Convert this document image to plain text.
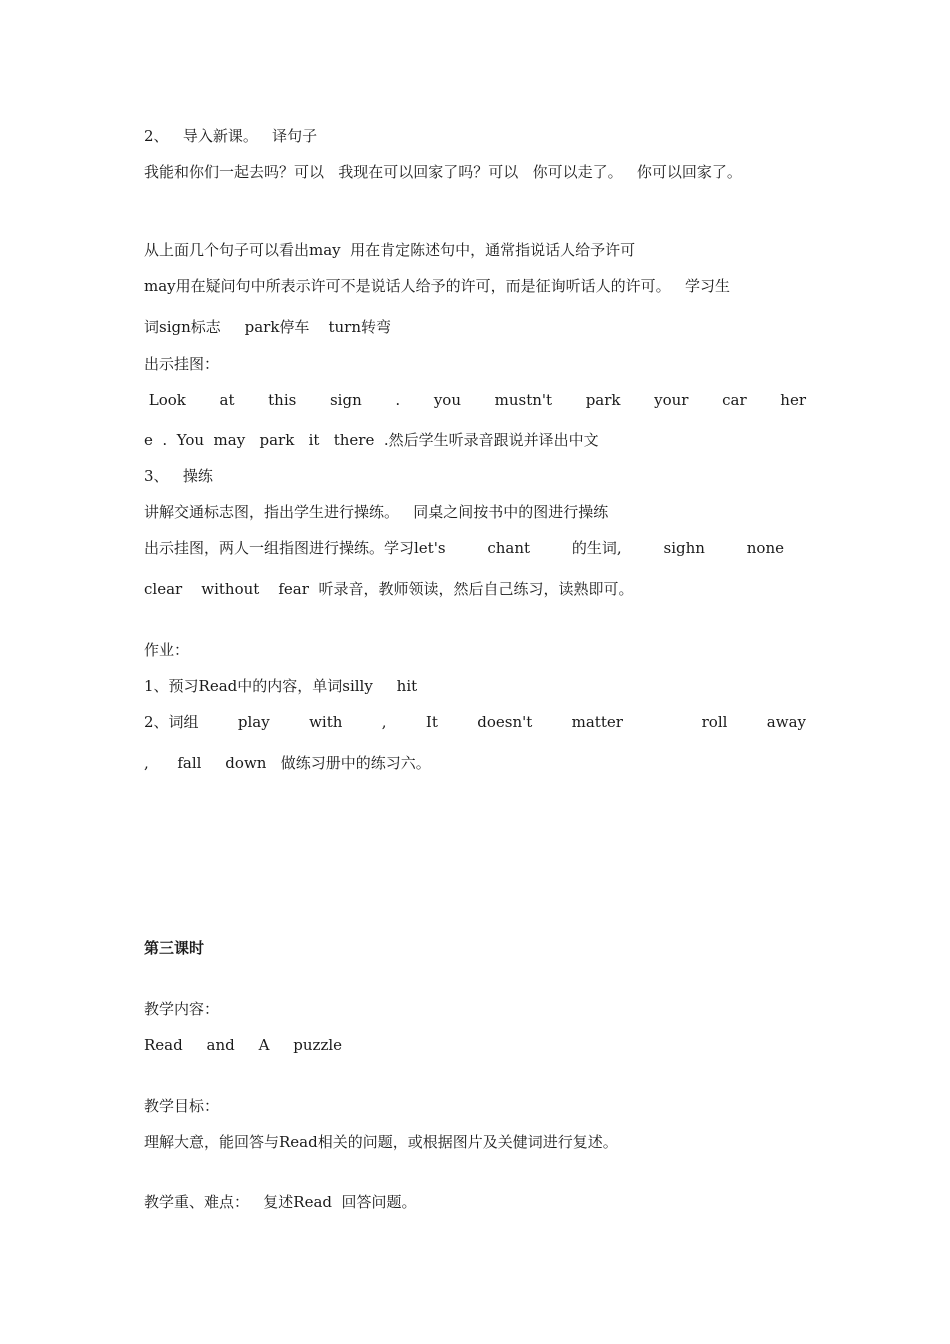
2、   导入新课。   译句子
我能和你们一起去吗？可以   我现在可以回家了吗？可以   你可以走了。   你可以回家了。
从上面几个句子可以看出may  用在肯定陈述句中，通常指说话人给予许可
may用在疑问句中所表示许可不是说话人给予的许可，而是征询听话人的许可。   学习生
词sign标志     park停车    turn转弯
出示挂图：
Look at this sign . you mustn't park your car her
e  .  You  may   park   it   there  .然后学生听录音跟说并译出中文
3、   操练
讲解交通标志图，指出学生进行操练。   同桌之间按书中的图进行操练
出示挂图，两人一组指图进行操练。学习let's	chant	的生词,	sighn	none
clear    without    fear  听录音，教师领读，然后自己练习，读熟即可。
作业：
1、预习Read中的内容，单词silly     hit
2、词组	play	with	,	It	doesn't	matter	roll	away
,      fall     down   做练习册中的练习六。
第三课时
教学内容：
Read     and     A     puzzle
教学目标：
理解大意，能回答与Read相关的问题，或根据图片及关健词进行复述。
教学重、难点：   复述Read  回答问题。
